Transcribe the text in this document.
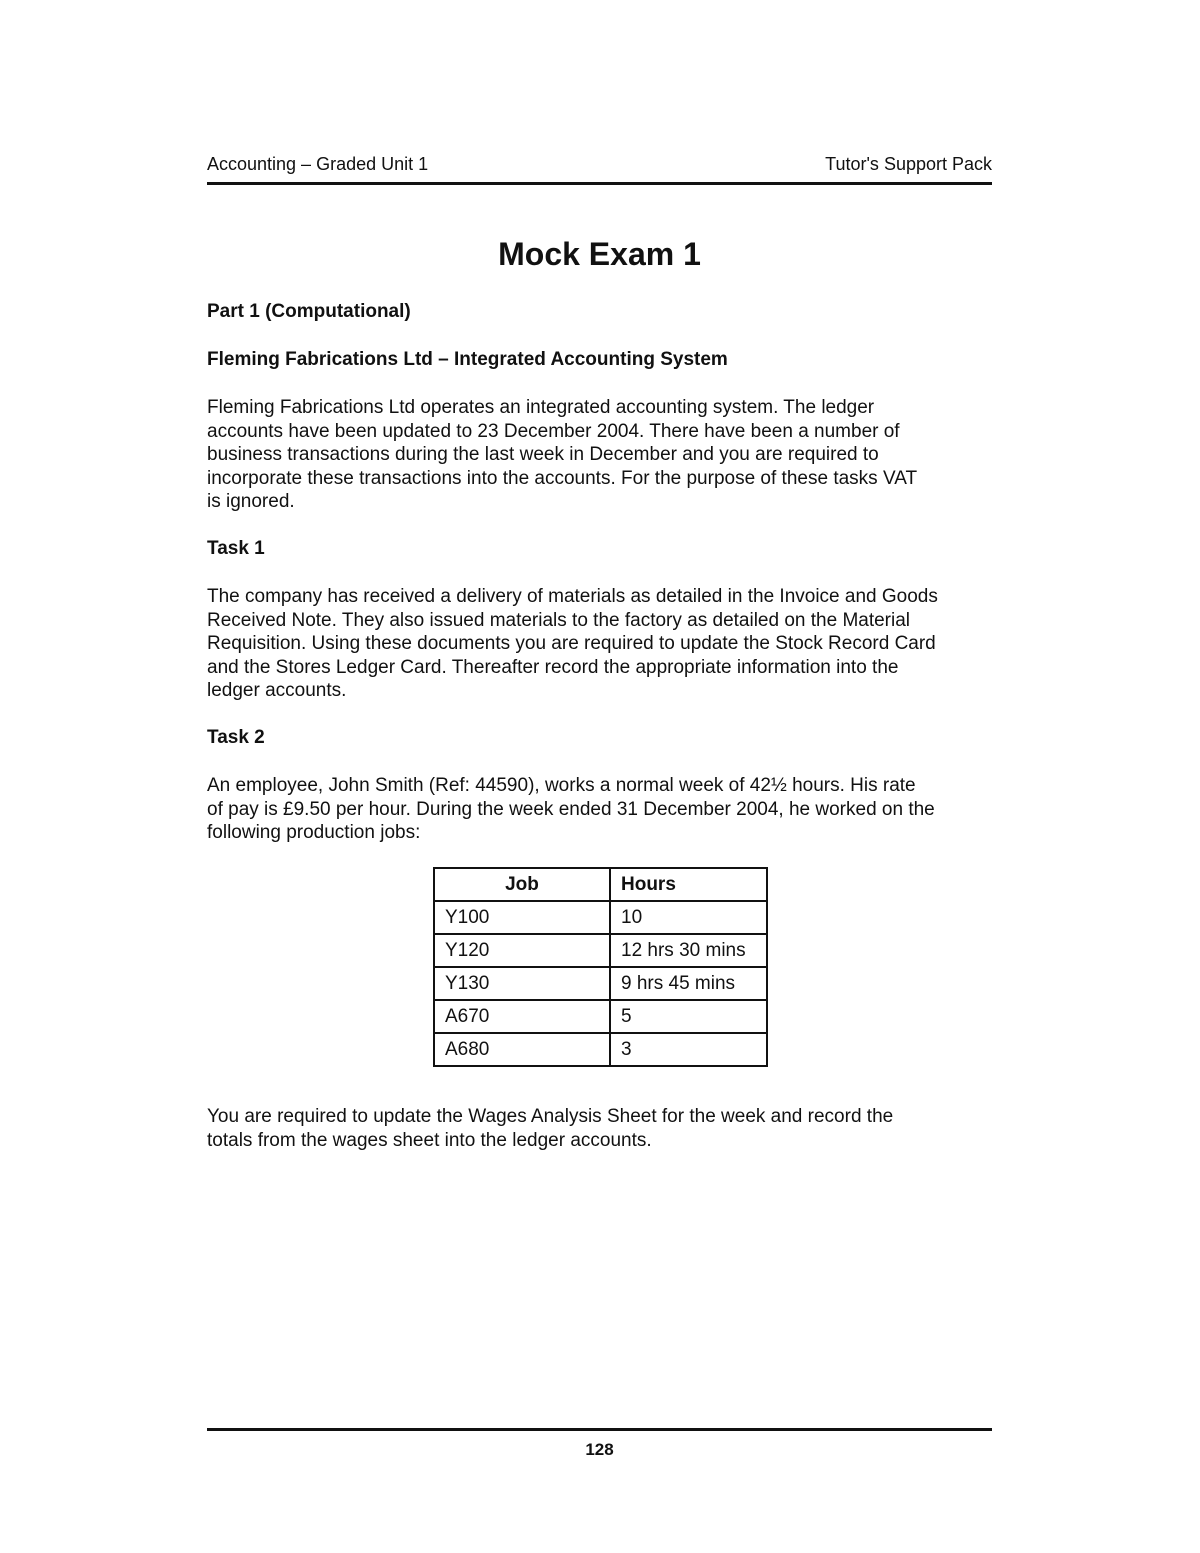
Accounting – Graded Unit 1	Tutor's Support Pack
Mock Exam 1
Part 1 (Computational)
Fleming Fabrications Ltd – Integrated Accounting System
Fleming Fabrications Ltd operates an integrated accounting system. The ledger
accounts have been updated to 23 December 2004. There have been a number of
business transactions during the last week in December and you are required to
incorporate these transactions into the accounts. For the purpose of these tasks VAT
is ignored.
Task 1
The company has received a delivery of materials as detailed in the Invoice and Goods
Received Note. They also issued materials to the factory as detailed on the Material
Requisition. Using these documents you are required to update the Stock Record Card
and the Stores Ledger Card. Thereafter record the appropriate information into the
ledger accounts.
Task 2
An employee, John Smith (Ref: 44590), works a normal week of 42½ hours. His rate
of pay is £9.50 per hour. During the week ended 31 December 2004, he worked on the
following production jobs:
Job	Hours
Y100	10
Y120	12 hrs 30 mins
Y130	9 hrs 45 mins
A670	5
A680	3
You are required to update the Wages Analysis Sheet for the week and record the
totals from the wages sheet into the ledger accounts.
128
